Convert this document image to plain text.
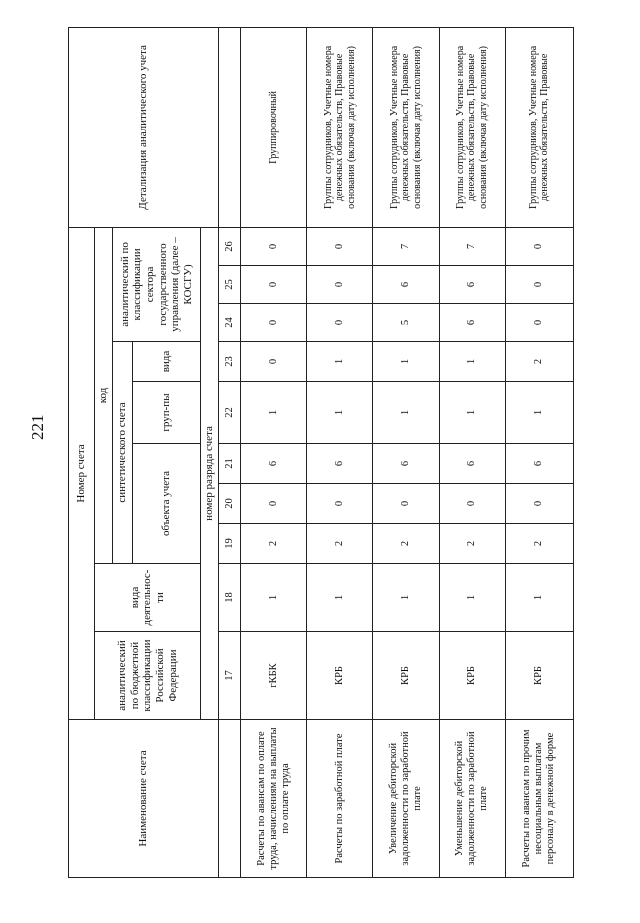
221
Наименование счета	Номер счета										Детализация аналитического учета
	аналитический по бюджетной классификации Российской Федерации	вида деятельнос-ти	код								
			синтетического счета					аналитический по классификации сектора государственного управления (далее – КОСГУ)			
			объекта учета			груп-пы	вида				
	номер разряда счета										
	17	18	19	20	21	22	23	24	25	26	
Расчеты по авансам по оплате труда, начислениям на выплаты по оплате труда	гКБК	1	2	0	6	1	0	0	0	0	Группировочный
Расчеты по заработной плате	КРБ	1	2	0	6	1	1	0	0	0	Группы сотрудников, Учетные номера денежных обязательств, Правовые основания (включая дату исполнения)
Увеличение дебиторской задолженности по заработной плате	КРБ	1	2	0	6	1	1	5	6	7	Группы сотрудников, Учетные номера денежных обязательств, Правовые основания (включая дату исполнения)
Уменьшение дебиторской задолженности по заработной плате	КРБ	1	2	0	6	1	1	6	6	7	Группы сотрудников, Учетные номера денежных обязательств, Правовые основания (включая дату исполнения)
Расчеты по авансам по прочим несоциальным выплатам персоналу в денежной форме	КРБ	1	2	0	6	1	2	0	0	0	Группы сотрудников, Учетные номера денежных обязательств, Правовые
